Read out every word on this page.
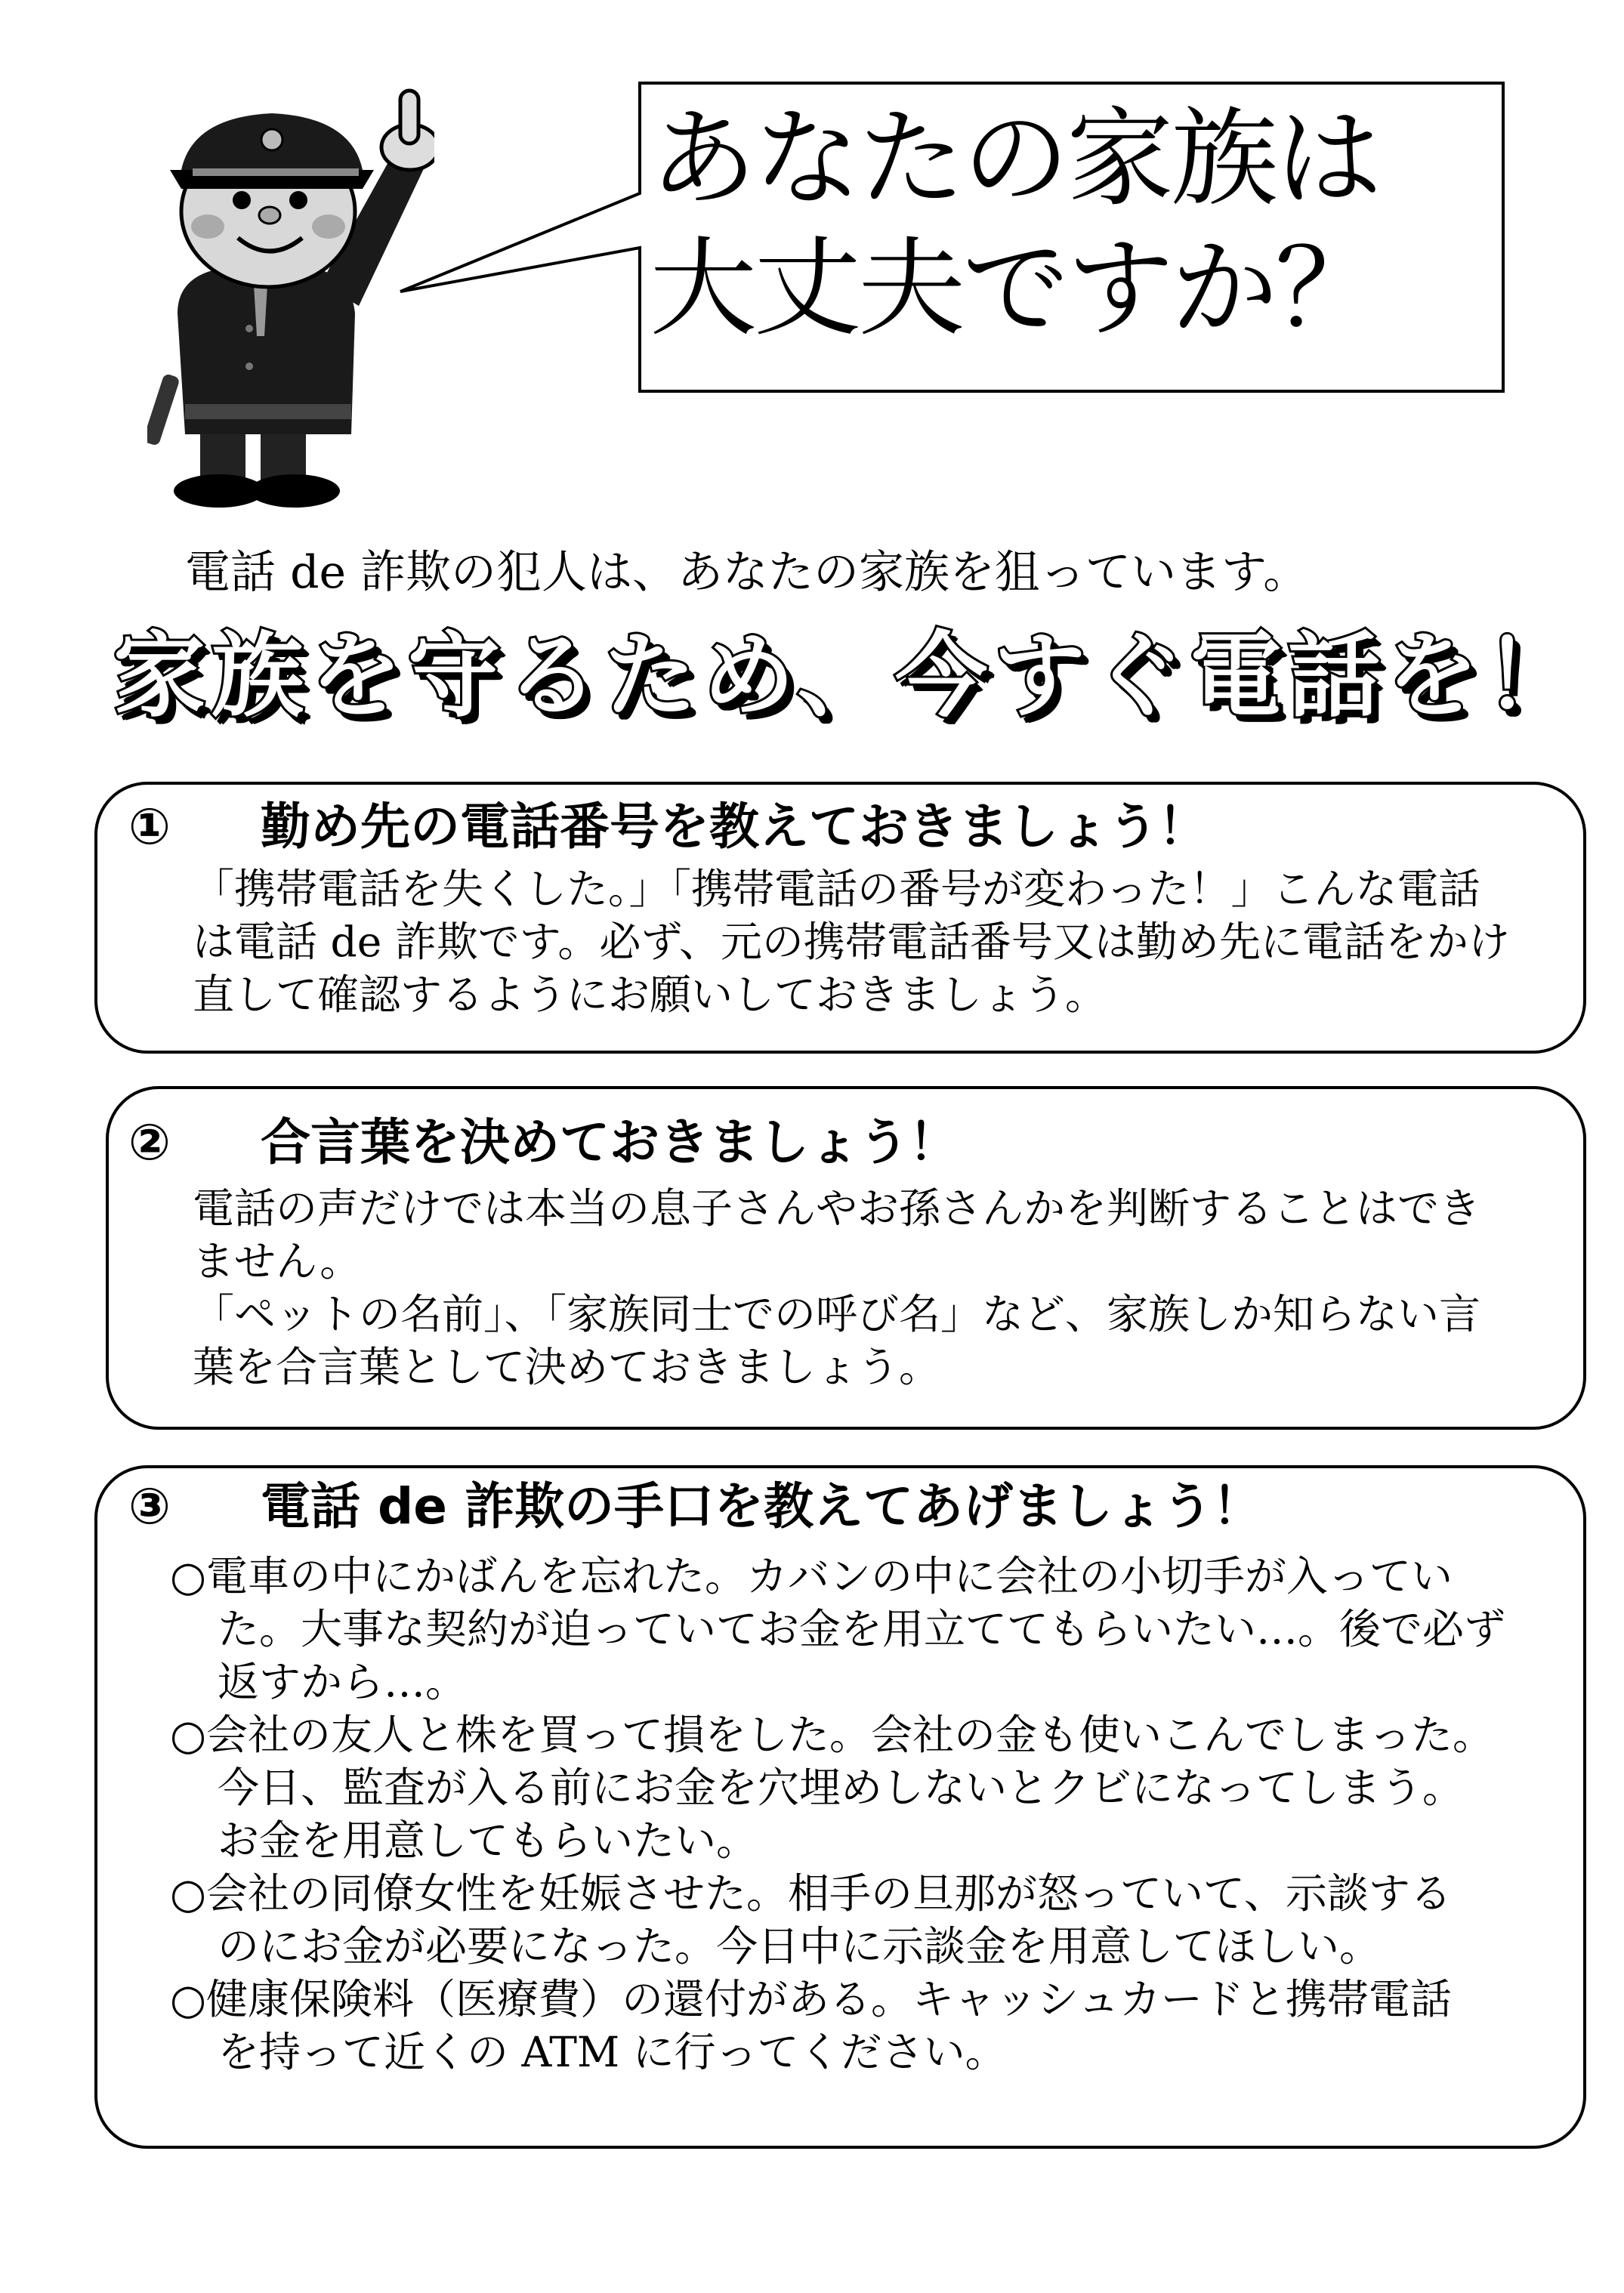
あなたの家族は
大丈夫ですか？
電話 de 詐欺の犯人は、あなたの家族を狙っています。
家族を守るため、今すぐ電話を！
① 勤め先の電話番号を教えておきましょう！

「携帯電話を失くした。」「携帯電話の番号が変わった！」こんな電話

は電話 de 詐欺です。必ず、元の携帯電話番号又は勤め先に電話をかけ

直して確認するようにお願いしておきましょう。

② 合言葉を決めておきましょう！

電話の声だけでは本当の息子さんやお孫さんかを判断することはでき

ません。

「ペットの名前」、「家族同士での呼び名」など、家族しか知らない言

葉を合言葉として決めておきましょう。

③ 電話 de 詐欺の手口を教えてあげましょう！

○電車の中にかばんを忘れた。カバンの中に会社の小切手が入ってい

た。大事な契約が迫っていてお金を用立ててもらいたい…。後で必ず

返すから…。

○会社の友人と株を買って損をした。会社の金も使いこんでしまった。

今日、監査が入る前にお金を穴埋めしないとクビになってしまう。

お金を用意してもらいたい。

○会社の同僚女性を妊娠させた。相手の旦那が怒っていて、示談する

のにお金が必要になった。今日中に示談金を用意してほしい。

○健康保険料（医療費）の還付がある。キャッシュカードと携帯電話

を持って近くの ATM に行ってください。
